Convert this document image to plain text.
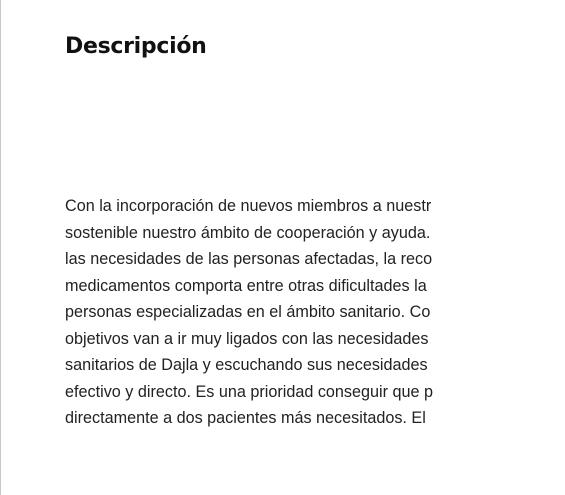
Descripción
Con la incorporación de nuevos miembros a nuestr
sostenible nuestro ámbito de cooperación y ayuda.
las necesidades de las personas afectadas, la reco
medicamentos comporta entre otras dificultades la
personas especializadas en el ámbito sanitario. Co
objetivos van a ir muy ligados con las necesidades
sanitarios de Dajla y escuchando sus necesidades
efectivo y directo. Es una prioridad conseguir que p
directamente a dos pacientes más necesitados. El
